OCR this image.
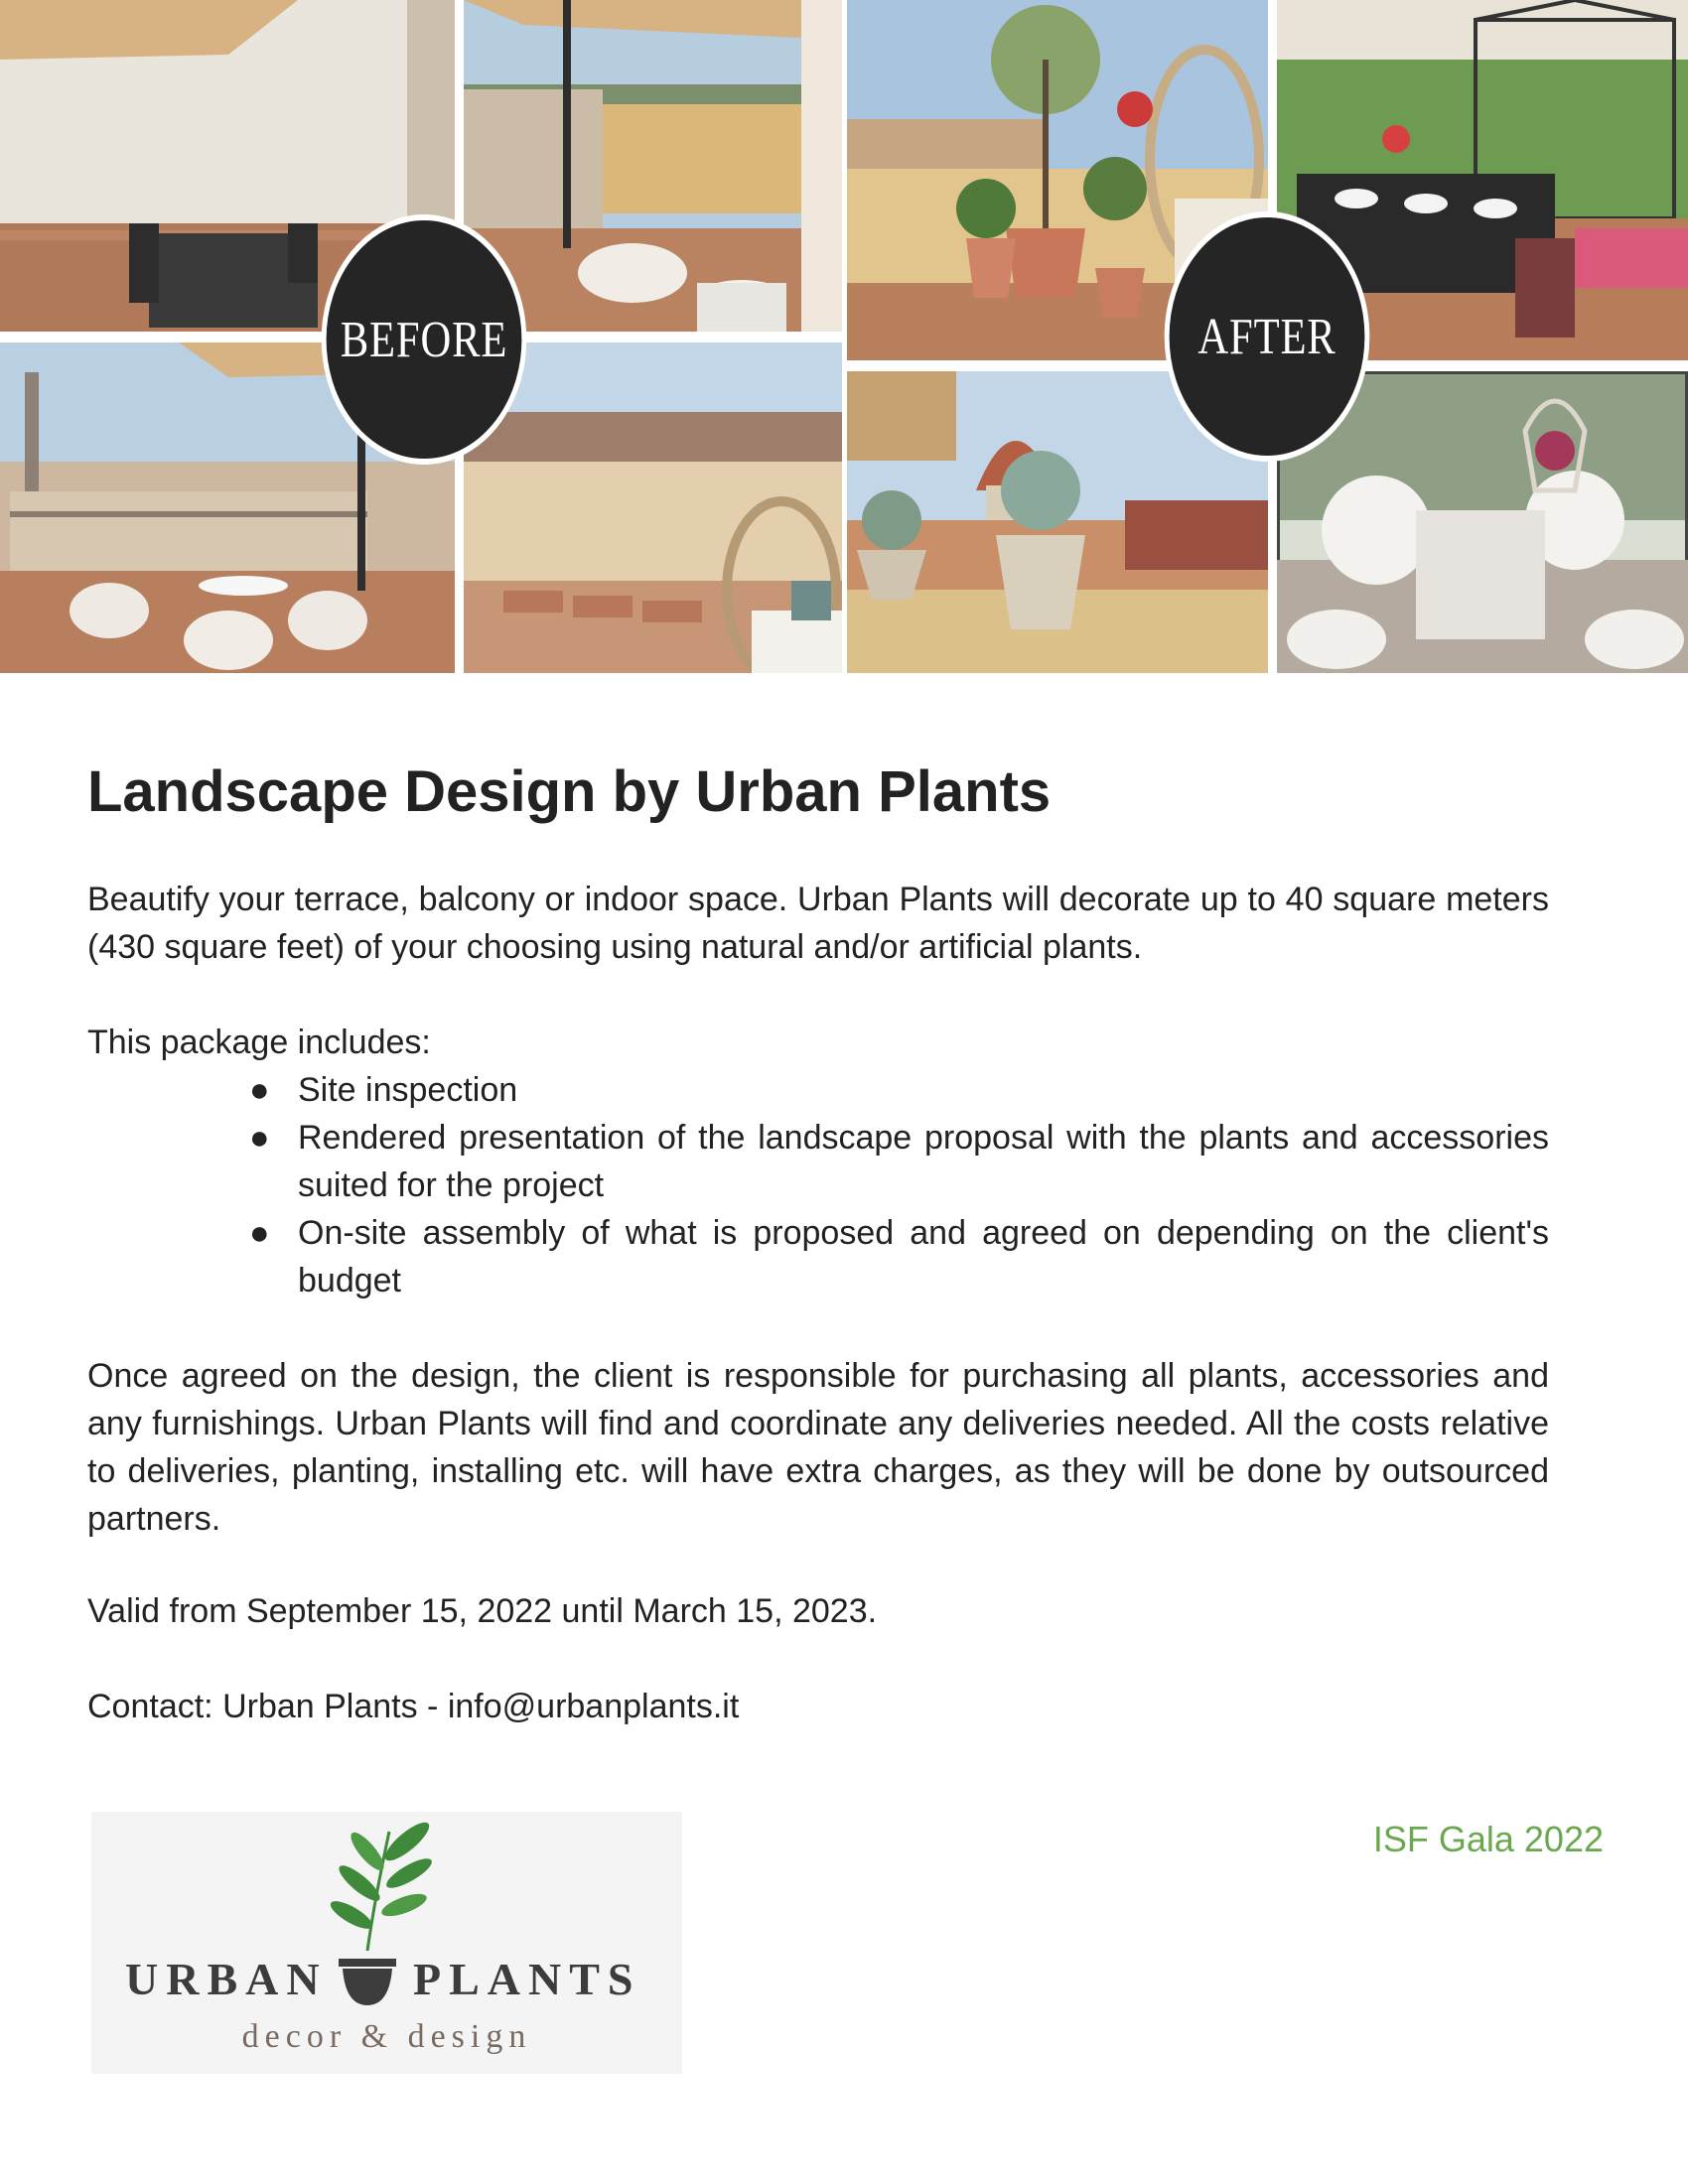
BEFORE	AFTER
Landscape Design by Urban Plants

Beautify your terrace, balcony or indoor space. Urban Plants will decorate up to 40 square meters (430 square feet) of your choosing using natural and/or artificial plants.

This package includes:

● Site inspection
● Rendered presentation of the landscape proposal with the plants and accessories suited for the project
● On-site assembly of what is proposed and agreed on depending on the client's budget

Once agreed on the design, the client is responsible for purchasing all plants, accessories and any furnishings. Urban Plants will find and coordinate any deliveries needed. All the costs relative to deliveries, planting, installing etc. will have extra charges, as they will be done by outsourced partners.

Valid from September 15, 2022 until March 15, 2023.

Contact: Urban Plants - info@urbanplants.it

URBAN PLANTS
decor & design
ISF Gala 2022
